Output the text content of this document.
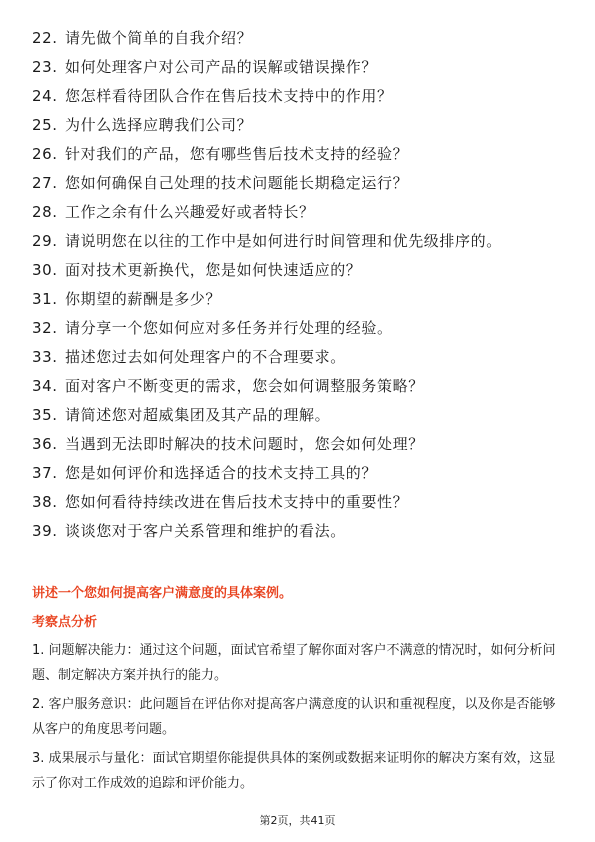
22. 请先做个简单的自我介绍？
23. 如何处理客户对公司产品的误解或错误操作？
24. 您怎样看待团队合作在售后技术支持中的作用？
25. 为什么选择应聘我们公司？
26. 针对我们的产品，您有哪些售后技术支持的经验？
27. 您如何确保自己处理的技术问题能长期稳定运行？
28. 工作之余有什么兴趣爱好或者特长？
29. 请说明您在以往的工作中是如何进行时间管理和优先级排序的。
30. 面对技术更新换代，您是如何快速适应的？
31. 你期望的薪酬是多少？
32. 请分享一个您如何应对多任务并行处理的经验。
33. 描述您过去如何处理客户的不合理要求。
34. 面对客户不断变更的需求，您会如何调整服务策略？
35. 请简述您对超威集团及其产品的理解。
36. 当遇到无法即时解决的技术问题时，您会如何处理？
37. 您是如何评价和选择适合的技术支持工具的？
38. 您如何看待持续改进在售后技术支持中的重要性？
39. 谈谈您对于客户关系管理和维护的看法。
讲述一个您如何提高客户满意度的具体案例。
考察点分析
1. 问题解决能力：通过这个问题，面试官希望了解你面对客户不满意的情况时，如何分析问题、制定解决方案并执行的能力。
2. 客户服务意识：此问题旨在评估你对提高客户满意度的认识和重视程度，以及你是否能够从客户的角度思考问题。
3. 成果展示与量化：面试官期望你能提供具体的案例或数据来证明你的解决方案有效，这显示了你对工作成效的追踪和评价能力。
第2页，共41页
